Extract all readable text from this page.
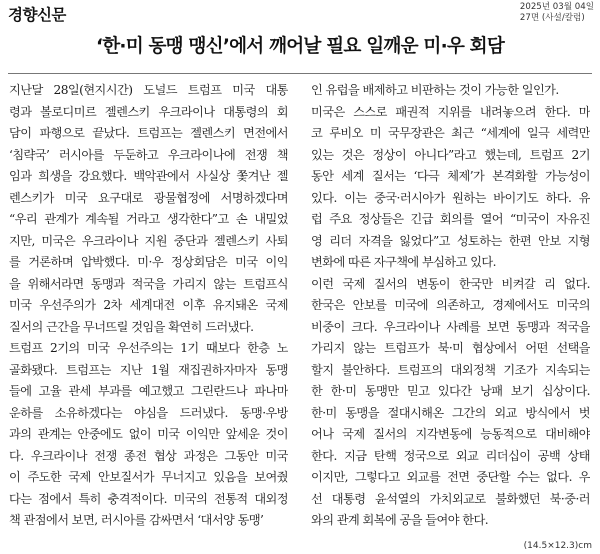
경향신문	2025년 03월 04일
27면 (사설/칼럼)
‘한·미 동맹 맹신’에서 깨어날 필요 일깨운 미·우 회담
지난달 28일(현지시간) 도널드 트럼프 미국 대통
령과 볼로디미르 젤렌스키 우크라이나 대통령의 회
담이 파행으로 끝났다. 트럼프는 젤렌스키 면전에서
‘침략국’ 러시아를 두둔하고 우크라이나에 전쟁 책
임과 희생을 강요했다. 백악관에서 사실상 쫓겨난 젤
렌스키가 미국 요구대로 광물협정에 서명하겠다며
“우리 관계가 계속될 거라고 생각한다”고 손 내밀었
지만, 미국은 우크라이나 지원 중단과 젤렌스키 사퇴
를 거론하며 압박했다. 미·우 정상회담은 미국 이익
을 위해서라면 동맹과 적국을 가리지 않는 트럼프식
미국 우선주의가 2차 세계대전 이후 유지돼온 국제
질서의 근간을 무너뜨릴 것임을 확연히 드러냈다.
트럼프 2기의 미국 우선주의는 1기 때보다 한층 노
골화됐다. 트럼프는 지난 1월 재집권하자마자 동맹
들에 고율 관세 부과를 예고했고 그린란드나 파나마
운하를 소유하겠다는 야심을 드러냈다. 동맹·우방
과의 관계는 안중에도 없이 미국 이익만 앞세운 것이
다. 우크라이나 전쟁 종전 협상 과정은 그동안 미국
이 주도한 국제 안보질서가 무너지고 있음을 보여줬
다는 점에서 특히 충격적이다. 미국의 전통적 대외정
책 관점에서 보면, 러시아를 감싸면서 ‘대서양 동맹’
인 유럽을 배제하고 비판하는 것이 가능한 일인가.
미국은 스스로 패권적 지위를 내려놓으려 한다. 마
코 루비오 미 국무장관은 최근 “세계에 일극 세력만
있는 것은 정상이 아니다”라고 했는데, 트럼프 2기
동안 세계 질서는 ‘다극 체제’가 본격화할 가능성이
있다. 이는 중국·러시아가 원하는 바이기도 하다. 유
럽 주요 정상들은 긴급 회의를 열어 “미국이 자유진
영 리더 자격을 잃었다”고 성토하는 한편 안보 지형
변화에 따른 자구책에 부심하고 있다.
이런 국제 질서의 변동이 한국만 비켜갈 리 없다.
한국은 안보를 미국에 의존하고, 경제에서도 미국의
비중이 크다. 우크라이나 사례를 보면 동맹과 적국을
가리지 않는 트럼프가 북·미 협상에서 어떤 선택을
할지 불안하다. 트럼프의 대외정책 기조가 지속되는
한 한·미 동맹만 믿고 있다간 낭패 보기 십상이다.
한·미 동맹을 절대시해온 그간의 외교 방식에서 벗
어나 국제 질서의 지각변동에 능동적으로 대비해야
한다. 지금 탄핵 정국으로 외교 리더십이 공백 상태
이지만, 그렇다고 외교를 전면 중단할 수는 없다. 우
선 대통령 윤석열의 가치외교로 불화했던 북·중·러
와의 관계 회복에 공을 들여야 한다.
(14.5×12.3)cm
